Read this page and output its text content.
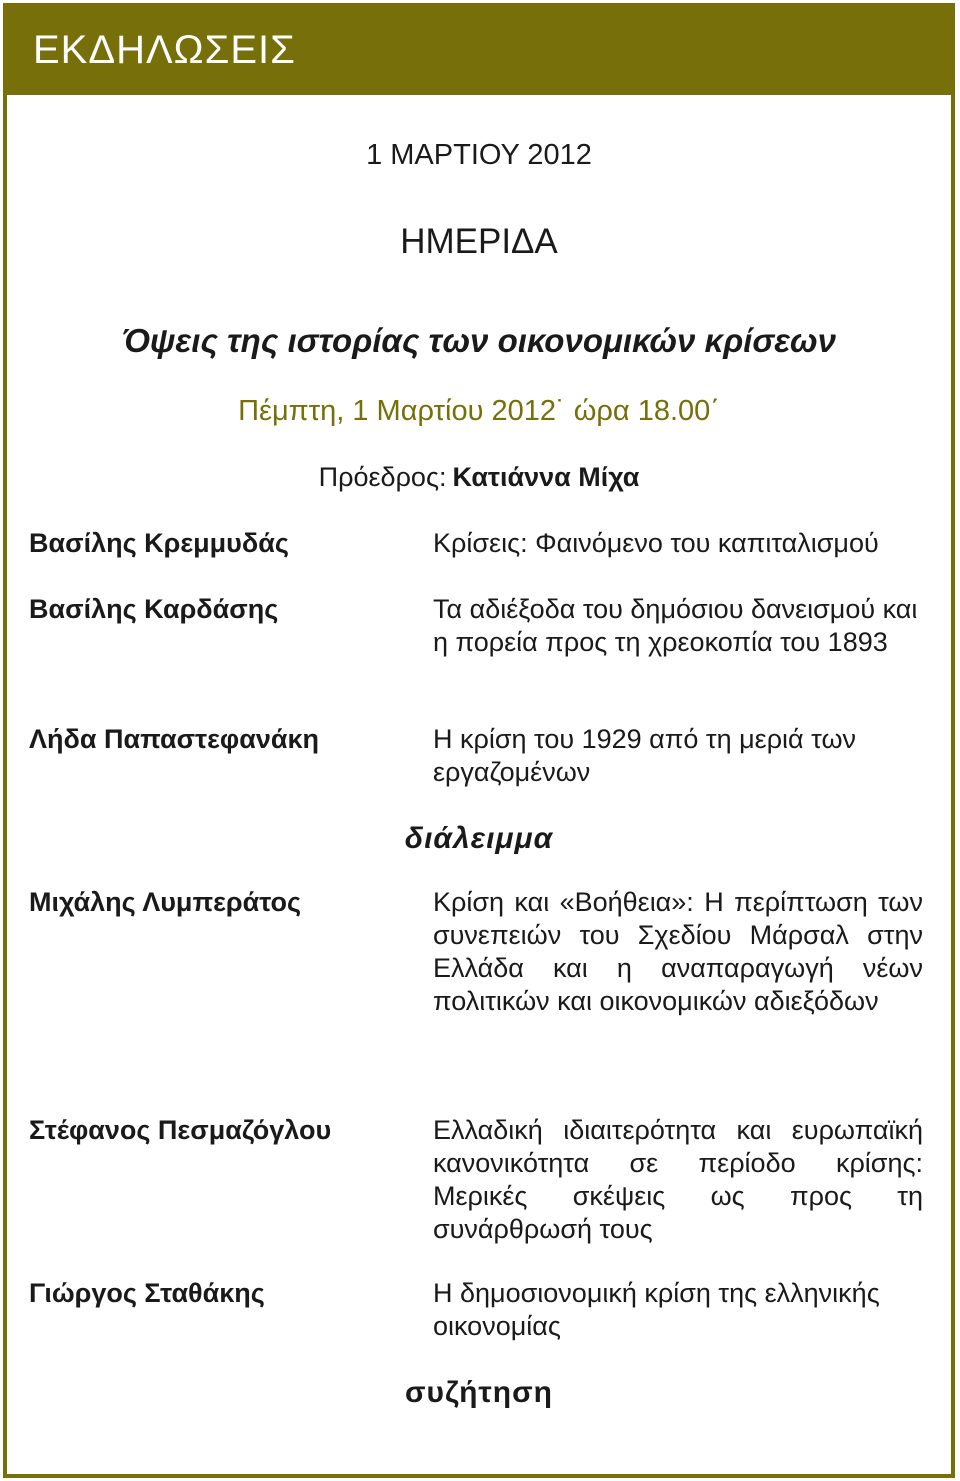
ΕΚΔΗΛΩΣΕΙΣ
1 ΜΑΡΤΙΟΥ 2012
ΗΜΕΡΙΔΑ
Όψεις της ιστορίας των οικονομικών κρίσεων
Πέμπτη, 1 Μαρτίου 2012˙ ώρα 18.00΄
Πρόεδρος: Κατιάννα Μίχα
Βασίλης Κρεμμυδάς	Κρίσεις: Φαινόμενο του καπιταλισμού
Βασίλης Καρδάσης	Τα αδιέξοδα του δημόσιου δανεισμού και η πορεία προς τη χρεοκοπία του 1893
Λήδα Παπαστεφανάκη	Η κρίση του 1929 από τη μεριά των εργαζομένων
διάλειμμα
Μιχάλης Λυμπεράτος	Κρίση και «Βοήθεια»: Η περίπτωση των συνεπειών του Σχεδίου Μάρσαλ στην Ελλάδα και η αναπαραγωγή νέων πολιτικών και οικονομικών αδιεξόδων
Στέφανος Πεσμαζόγλου	Ελλαδική ιδιαιτερότητα και ευρωπαϊκή κανονικότητα σε περίοδο κρίσης: Μερικές σκέψεις ως προς τη συνάρθρωσή τους
Γιώργος Σταθάκης	Η δημοσιονομική κρίση της ελληνικής οικονομίας
συζήτηση
